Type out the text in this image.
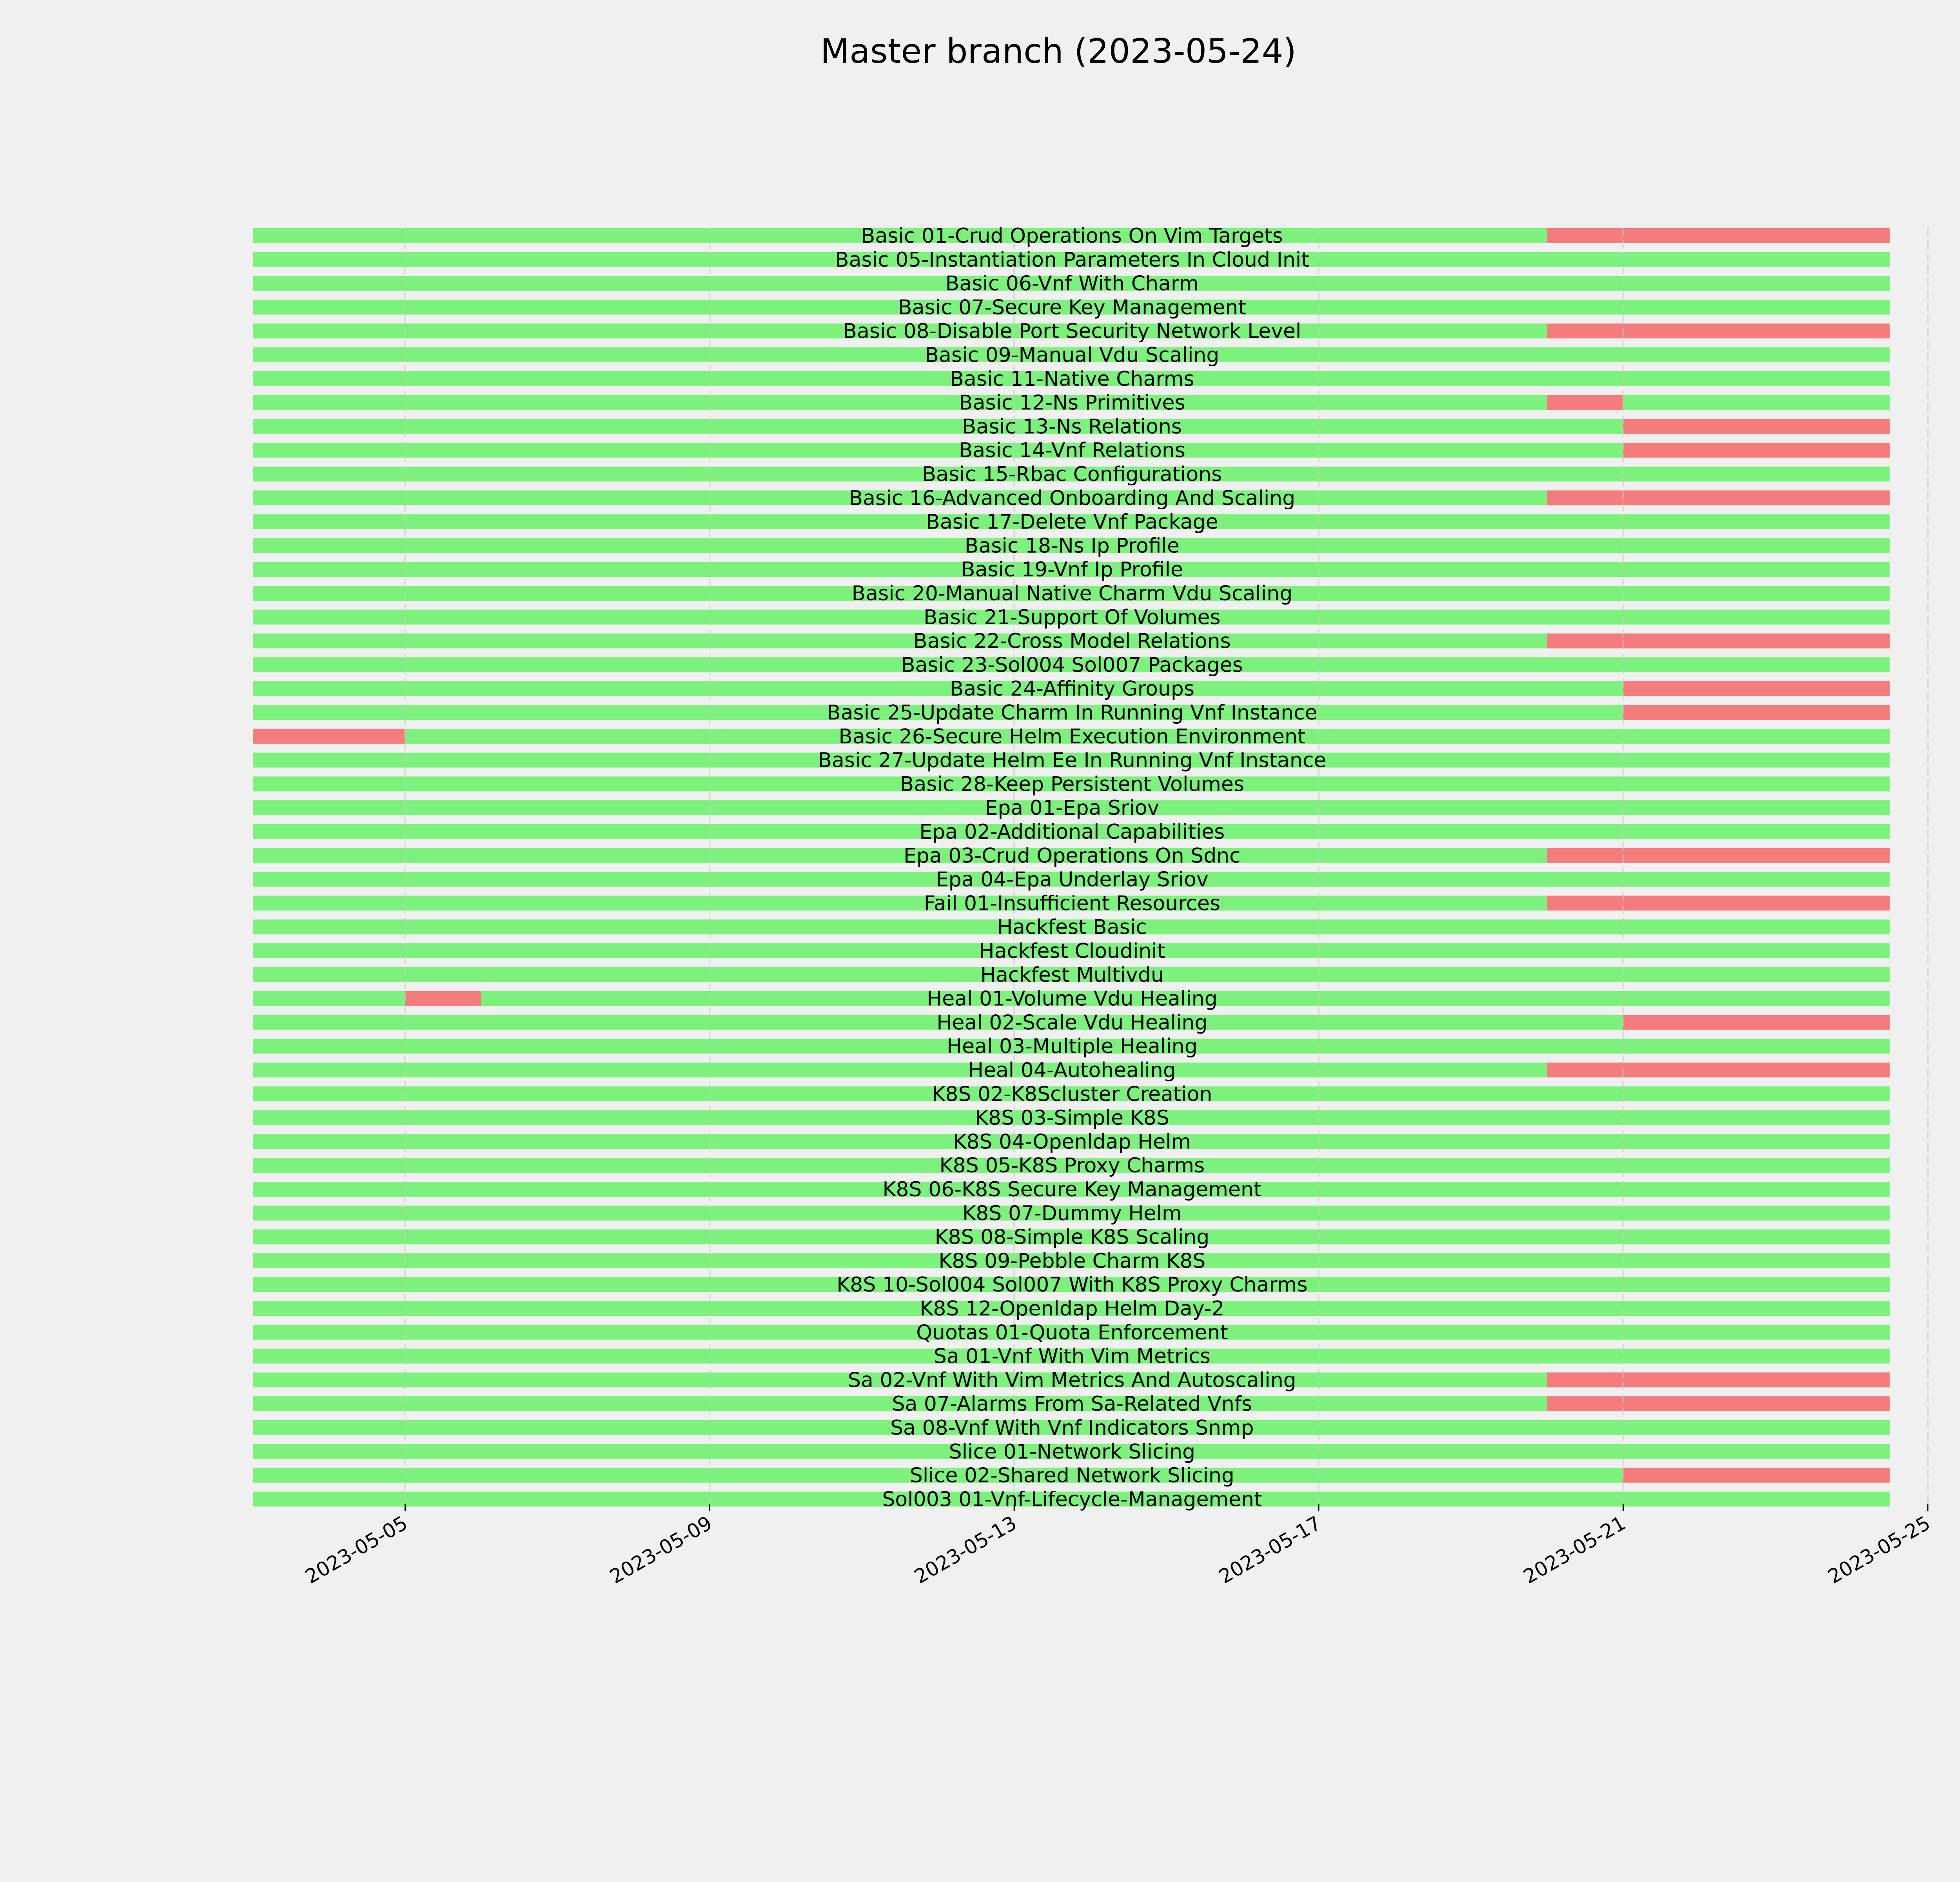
Master branch (2023-05-24)
Basic 01-Crud Operations On Vim Targets
Basic 05-Instantiation Parameters In Cloud Init
Basic 06-Vnf With Charm
Basic 07-Secure Key Management
Basic 08-Disable Port Security Network Level
Basic 09-Manual Vdu Scaling
Basic 11-Native Charms
Basic 12-Ns Primitives
Basic 13-Ns Relations
Basic 14-Vnf Relations
Basic 15-Rbac Configurations
Basic 16-Advanced Onboarding And Scaling
Basic 17-Delete Vnf Package
Basic 18-Ns Ip Profile
Basic 19-Vnf Ip Profile
Basic 20-Manual Native Charm Vdu Scaling
Basic 21-Support Of Volumes
Basic 22-Cross Model Relations
Basic 23-Sol004 Sol007 Packages
Basic 24-Affinity Groups
Basic 25-Update Charm In Running Vnf Instance
Basic 26-Secure Helm Execution Environment
Basic 27-Update Helm Ee In Running Vnf Instance
Basic 28-Keep Persistent Volumes
Epa 01-Epa Sriov
Epa 02-Additional Capabilities
Epa 03-Crud Operations On Sdnc
Epa 04-Epa Underlay Sriov
Fail 01-Insufficient Resources
Hackfest Basic
Hackfest Cloudinit
Hackfest Multivdu
Heal 01-Volume Vdu Healing
Heal 02-Scale Vdu Healing
Heal 03-Multiple Healing
Heal 04-Autohealing
K8S 02-K8Scluster Creation
K8S 03-Simple K8S
K8S 04-Openldap Helm
K8S 05-K8S Proxy Charms
K8S 06-K8S Secure Key Management
K8S 07-Dummy Helm
K8S 08-Simple K8S Scaling
K8S 09-Pebble Charm K8S
K8S 10-Sol004 Sol007 With K8S Proxy Charms
K8S 12-Openldap Helm Day-2
Quotas 01-Quota Enforcement
Sa 01-Vnf With Vim Metrics
Sa 02-Vnf With Vim Metrics And Autoscaling
Sa 07-Alarms From Sa-Related Vnfs
Sa 08-Vnf With Vnf Indicators Snmp
Slice 01-Network Slicing
Slice 02-Shared Network Slicing
Sol003 01-Vnf-Lifecycle-Management
2023-05-05	2023-05-09	2023-05-13	2023-05-17	2023-05-21	2023-05-25
